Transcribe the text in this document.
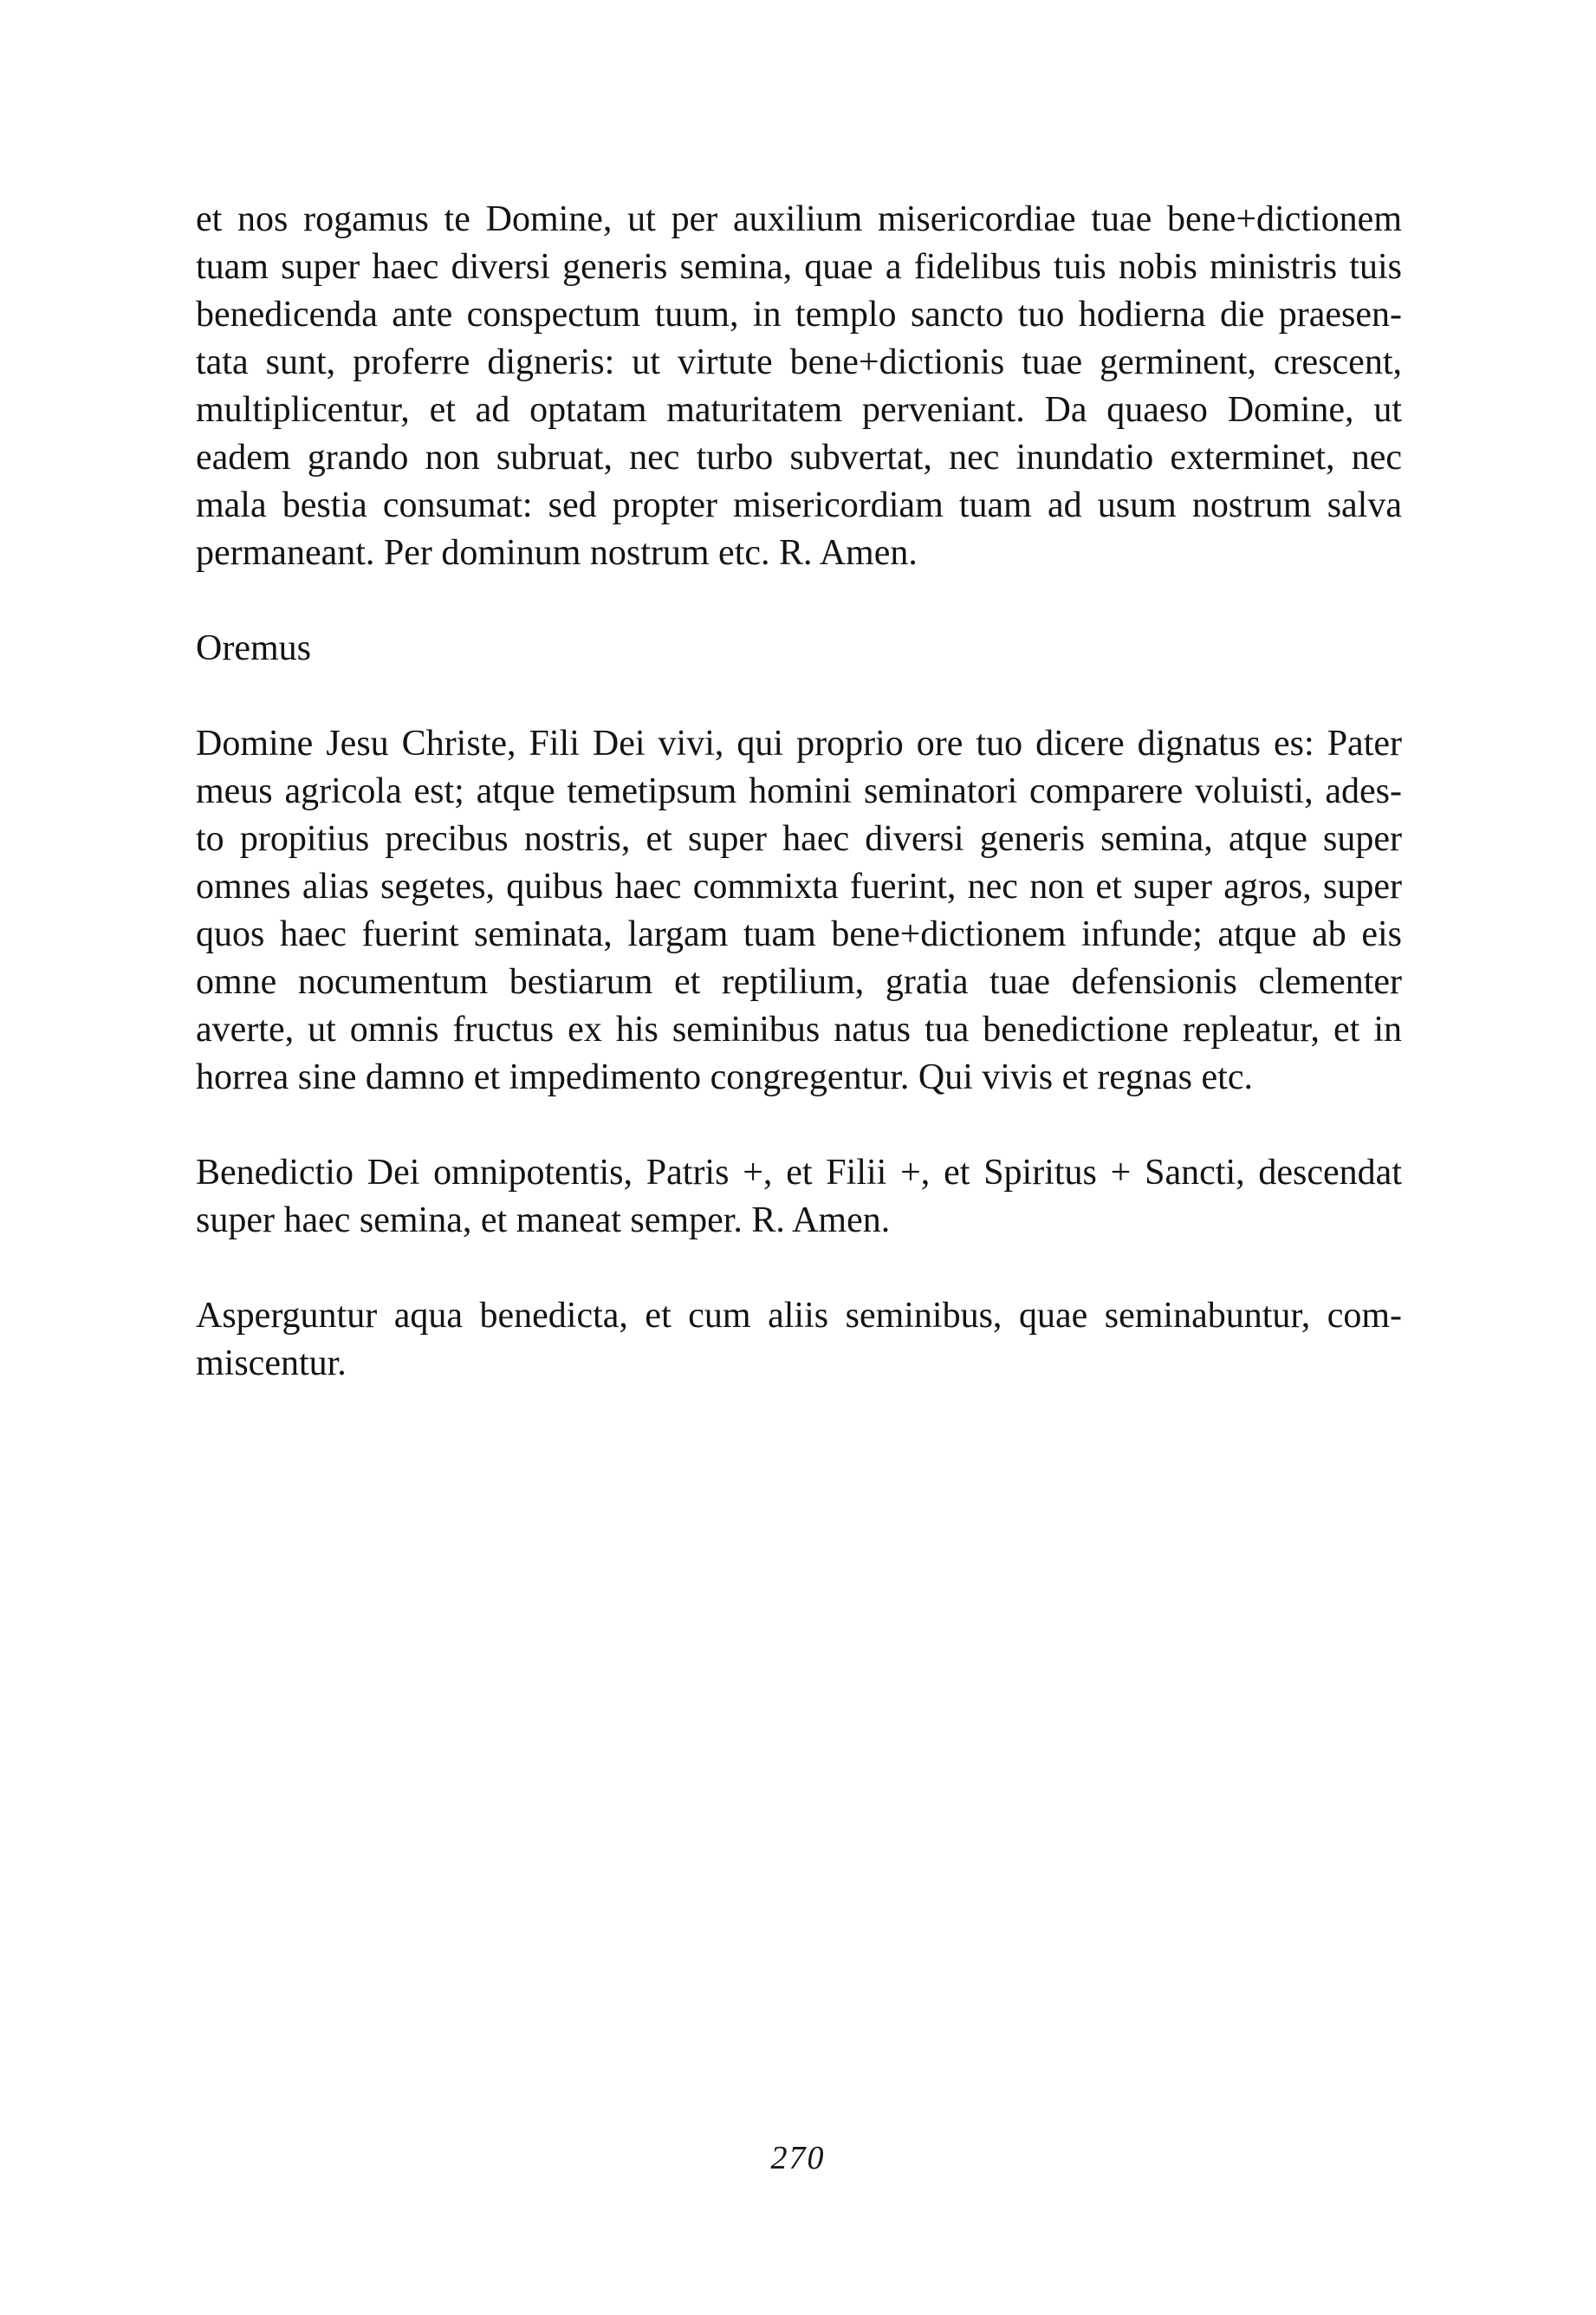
et nos rogamus te Domine, ut per auxilium misericordiae tuae bene+dictionem
tuam super haec diversi generis semina, quae a fidelibus tuis nobis ministris tuis
benedicenda ante conspectum tuum, in templo sancto tuo hodierna die praesen-
tata sunt, proferre digneris: ut virtute bene+dictionis tuae germinent, crescent,
multiplicentur, et ad optatam maturitatem perveniant. Da quaeso Domine, ut
eadem grando non subruat, nec turbo subvertat, nec inundatio exterminet, nec
mala bestia consumat: sed propter misericordiam tuam ad usum nostrum salva
permaneant. Per dominum nostrum etc. R. Amen.
Oremus
Domine Jesu Christe, Fili Dei vivi, qui proprio ore tuo dicere dignatus es: Pater
meus agricola est; atque temetipsum homini seminatori comparere voluisti, ades-
to propitius precibus nostris, et super haec diversi generis semina, atque super
omnes alias segetes, quibus haec commixta fuerint, nec non et super agros, super
quos haec fuerint seminata, largam tuam bene+dictionem infunde; atque ab eis
omne nocumentum bestiarum et reptilium, gratia tuae defensionis clementer
averte, ut omnis fructus ex his seminibus natus tua benedictione repleatur, et in
horrea sine damno et impedimento congregentur. Qui vivis et regnas etc.
Benedictio Dei omnipotentis, Patris +, et Filii +, et Spiritus + Sancti, descendat
super haec semina, et maneat semper. R. Amen.
Asperguntur aqua benedicta, et cum aliis seminibus, quae seminabuntur, com-
miscentur.
270
